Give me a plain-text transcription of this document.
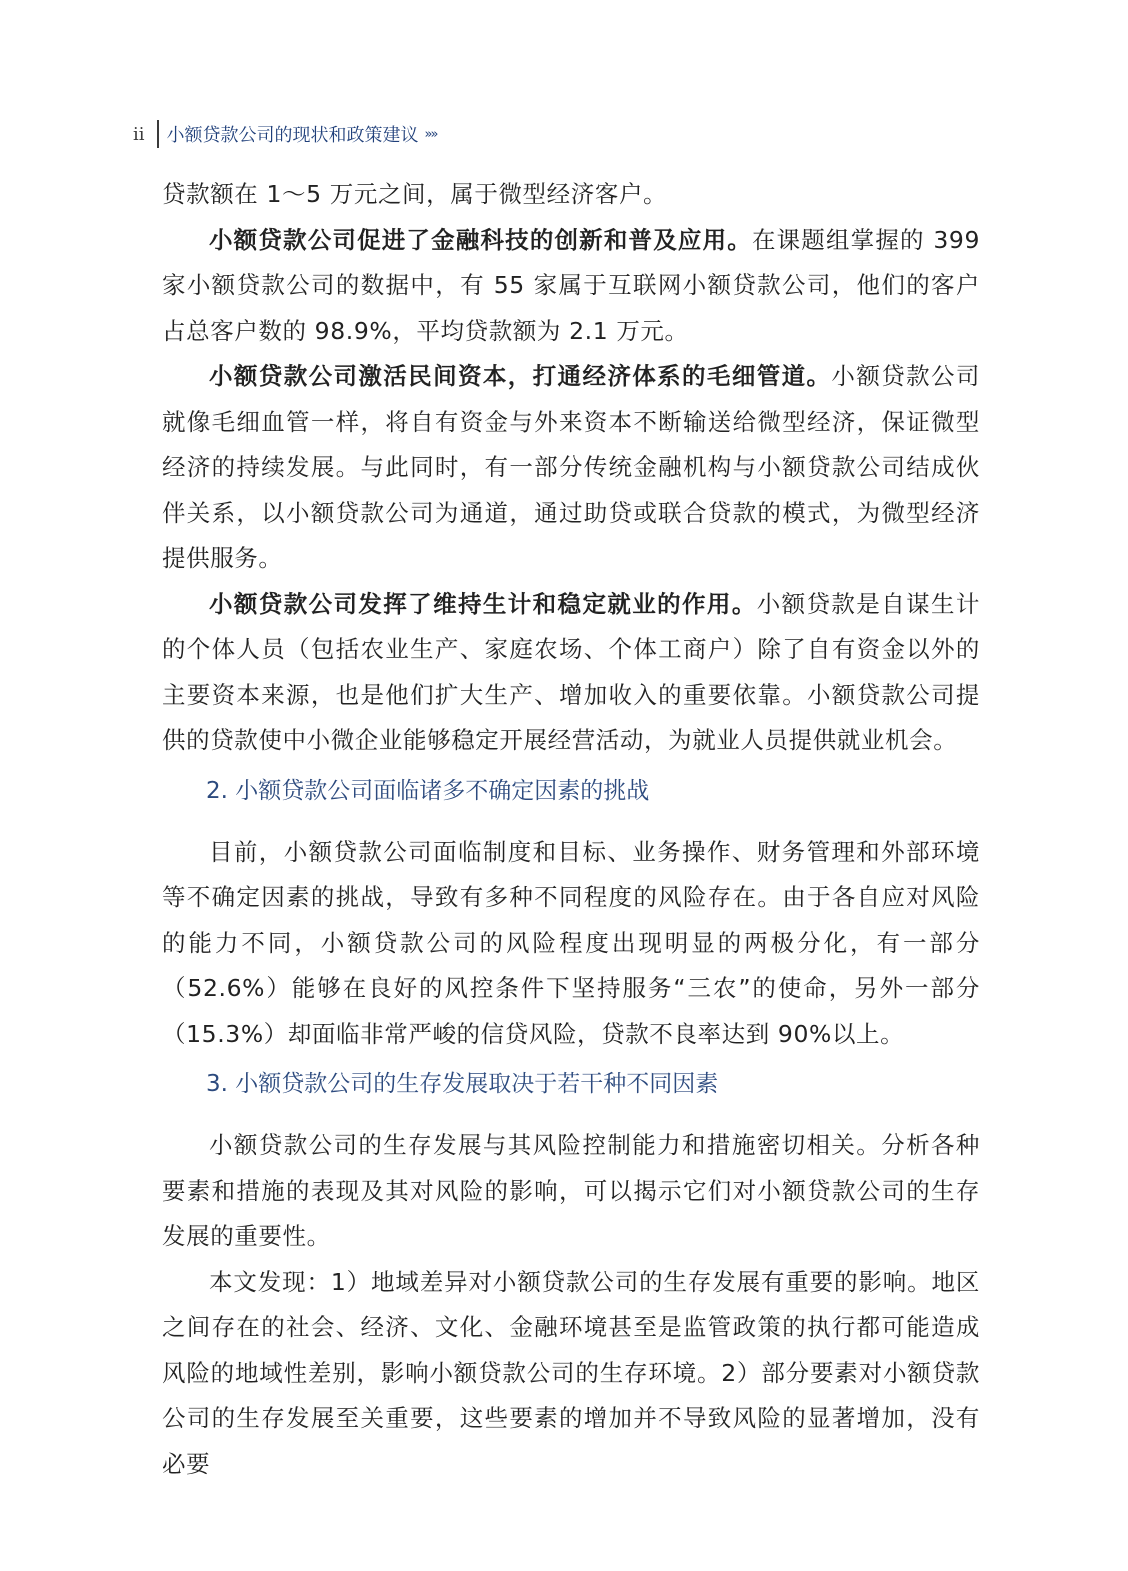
ii	小额贷款公司的现状和政策建议 »»

贷款额在 1～5 万元之间，属于微型经济客户。

小额贷款公司促进了金融科技的创新和普及应用。在课题组掌握的 399 家小额贷款公司的数据中，有 55 家属于互联网小额贷款公司，他们的客户占总客户数的 98.9%，平均贷款额为 2.1 万元。

小额贷款公司激活民间资本，打通经济体系的毛细管道。小额贷款公司就像毛细血管一样，将自有资金与外来资本不断输送给微型经济，保证微型经济的持续发展。与此同时，有一部分传统金融机构与小额贷款公司结成伙伴关系，以小额贷款公司为通道，通过助贷或联合贷款的模式，为微型经济提供服务。

小额贷款公司发挥了维持生计和稳定就业的作用。小额贷款是自谋生计的个体人员（包括农业生产、家庭农场、个体工商户）除了自有资金以外的主要资本来源，也是他们扩大生产、增加收入的重要依靠。小额贷款公司提供的贷款使中小微企业能够稳定开展经营活动，为就业人员提供就业机会。

2. 小额贷款公司面临诸多不确定因素的挑战

目前，小额贷款公司面临制度和目标、业务操作、财务管理和外部环境等不确定因素的挑战，导致有多种不同程度的风险存在。由于各自应对风险的能力不同，小额贷款公司的风险程度出现明显的两极分化，有一部分（52.6%）能够在良好的风控条件下坚持服务“三农”的使命，另外一部分（15.3%）却面临非常严峻的信贷风险，贷款不良率达到 90%以上。

3. 小额贷款公司的生存发展取决于若干种不同因素

小额贷款公司的生存发展与其风险控制能力和措施密切相关。分析各种要素和措施的表现及其对风险的影响，可以揭示它们对小额贷款公司的生存发展的重要性。

本文发现：1）地域差异对小额贷款公司的生存发展有重要的影响。地区之间存在的社会、经济、文化、金融环境甚至是监管政策的执行都可能造成风险的地域性差别，影响小额贷款公司的生存环境。2）部分要素对小额贷款公司的生存发展至关重要，这些要素的增加并不导致风险的显著增加，没有必要
